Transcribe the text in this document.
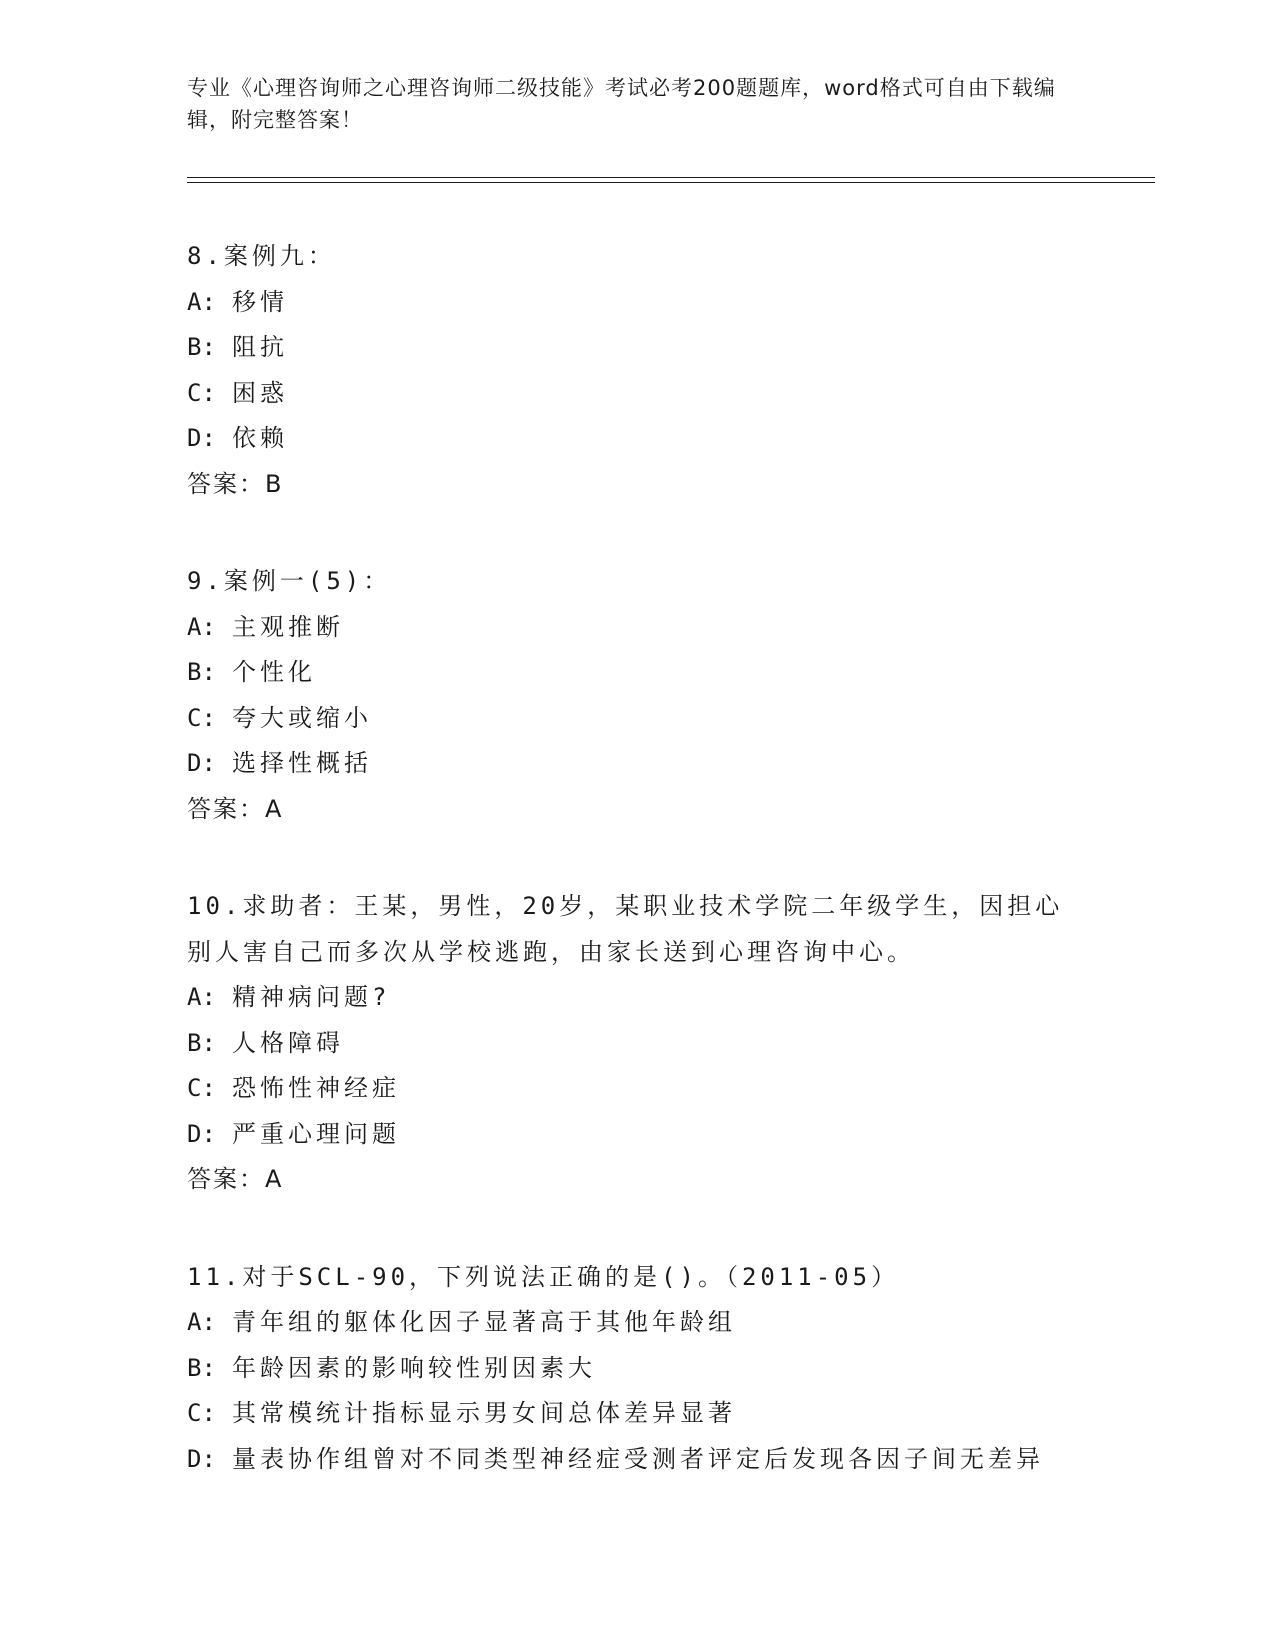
专业《心理咨询师之心理咨询师二级技能》考试必考200题题库，word格式可自由下载编辑，附完整答案！
8.案例九：
A: 移情
B: 阻抗
C: 困惑
D: 依赖
答案：B
9.案例一(5)：
A: 主观推断
B: 个性化
C: 夸大或缩小
D: 选择性概括
答案：A
10.求助者：王某，男性，20岁，某职业技术学院二年级学生，因担心别人害自己而多次从学校逃跑，由家长送到心理咨询中心。
A: 精神病问题?
B: 人格障碍
C: 恐怖性神经症
D: 严重心理问题
答案：A
11.对于SCL-90，下列说法正确的是()。（2011-05）
A: 青年组的躯体化因子显著高于其他年龄组
B: 年龄因素的影响较性别因素大
C: 其常模统计指标显示男女间总体差异显著
D: 量表协作组曾对不同类型神经症受测者评定后发现各因子间无差异
